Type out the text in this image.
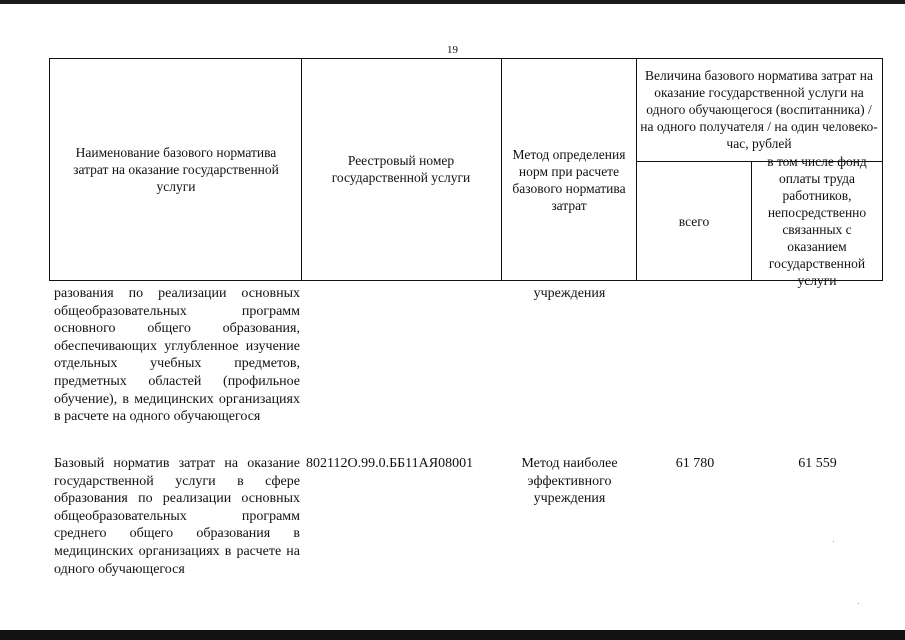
19
Наименование базового норматива затрат на оказание государственной услуги
Реестровый номер государственной услуги
Метод определения норм при расчете базового норматива затрат
Величина базового норматива затрат на оказание государственной услуги на одного обучающегося (воспитанника) / на одного получателя / на один человеко-час, рублей
всего
в том числе фонд оплаты труда работников, непосредственно связанных с оказанием государственной услуги
разования по реализации основных общеобразовательных программ основного общего образования, обеспечивающих углубленное изучение отдельных учебных предметов, предметных областей (профильное обучение), в медицинских организациях в расчете на одного обучающегося
учреждения
Базовый норматив затрат на оказание государственной услуги в сфере образования по реализации основных общеобразовательных программ среднего общего образования в медицинских организациях в расчете на одного обучающегося
802112О.99.0.ББ11АЯ08001	Метод наиболее эффективного учреждения
61 780	61 559
